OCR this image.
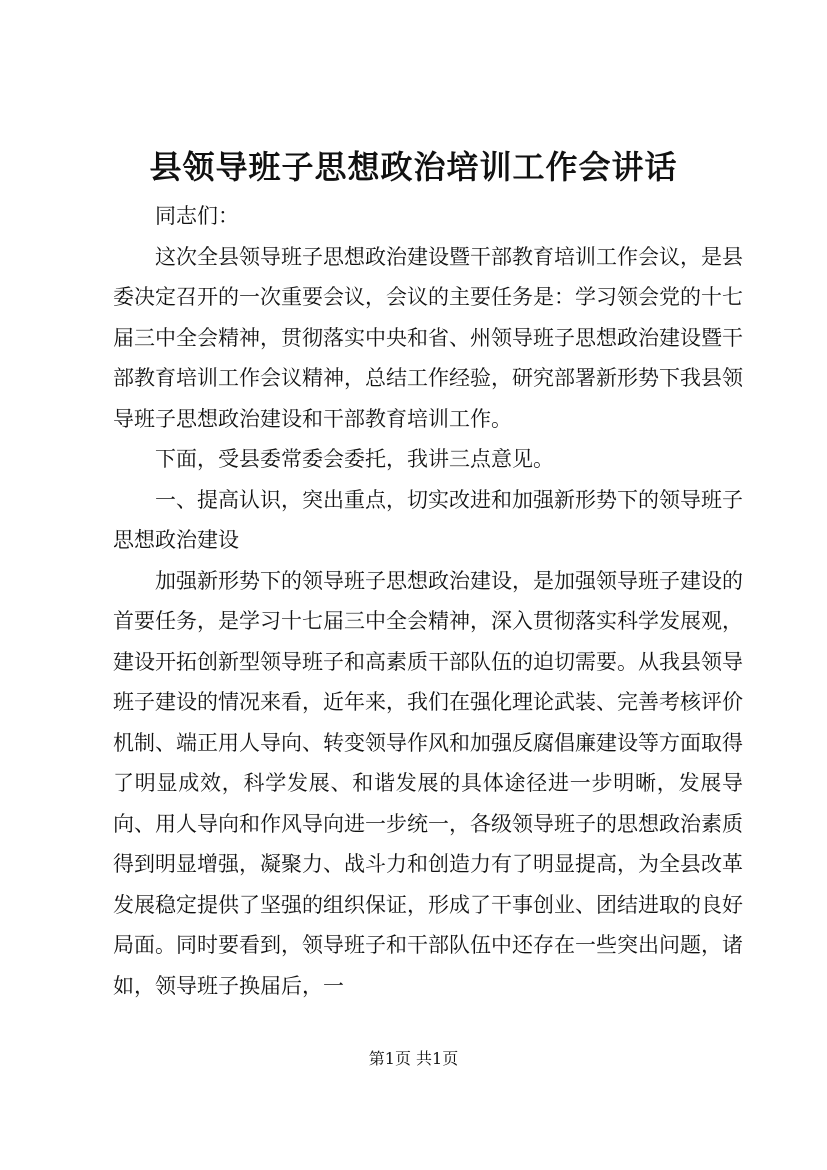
县领导班子思想政治培训工作会讲话

同志们：

这次全县领导班子思想政治建设暨干部教育培训工作会议，是县委决定召开的一次重要会议，会议的主要任务是：学习领会党的十七届三中全会精神，贯彻落实中央和省、州领导班子思想政治建设暨干部教育培训工作会议精神，总结工作经验，研究部署新形势下我县领导班子思想政治建设和干部教育培训工作。

下面，受县委常委会委托，我讲三点意见。

一、提高认识，突出重点，切实改进和加强新形势下的领导班子思想政治建设

加强新形势下的领导班子思想政治建设，是加强领导班子建设的首要任务，是学习十七届三中全会精神，深入贯彻落实科学发展观，建设开拓创新型领导班子和高素质干部队伍的迫切需要。从我县领导班子建设的情况来看，近年来，我们在强化理论武装、完善考核评价机制、端正用人导向、转变领导作风和加强反腐倡廉建设等方面取得了明显成效，科学发展、和谐发展的具体途径进一步明晰，发展导向、用人导向和作风导向进一步统一，各级领导班子的思想政治素质得到明显增强，凝聚力、战斗力和创造力有了明显提高，为全县改革发展稳定提供了坚强的组织保证，形成了干事创业、团结进取的良好局面。同时要看到，领导班子和干部队伍中还存在一些突出问题，诸如，领导班子换届后，一

第1页 共1页
